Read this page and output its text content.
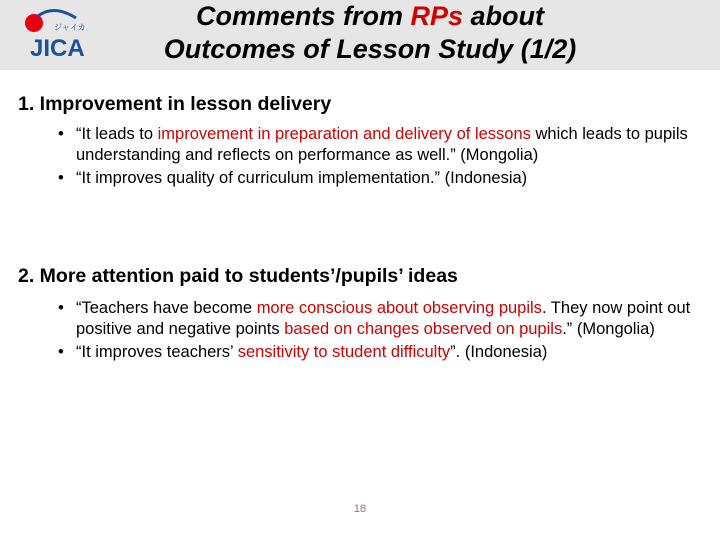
ジャイカ
JICA
Comments from RPs about
Outcomes of Lesson Study (1/2)
1. Improvement in lesson delivery
• “It leads to improvement in preparation and delivery of lessons which leads to pupils understanding and reflects on performance as well.” (Mongolia)
• “It improves quality of curriculum implementation.” (Indonesia)
2. More attention paid to students’/pupils’ ideas
• “Teachers have become more conscious about observing pupils. They now point out positive and negative points based on changes observed on pupils.” (Mongolia)
• “It improves teachers’ sensitivity to student difficulty”. (Indonesia)
18
